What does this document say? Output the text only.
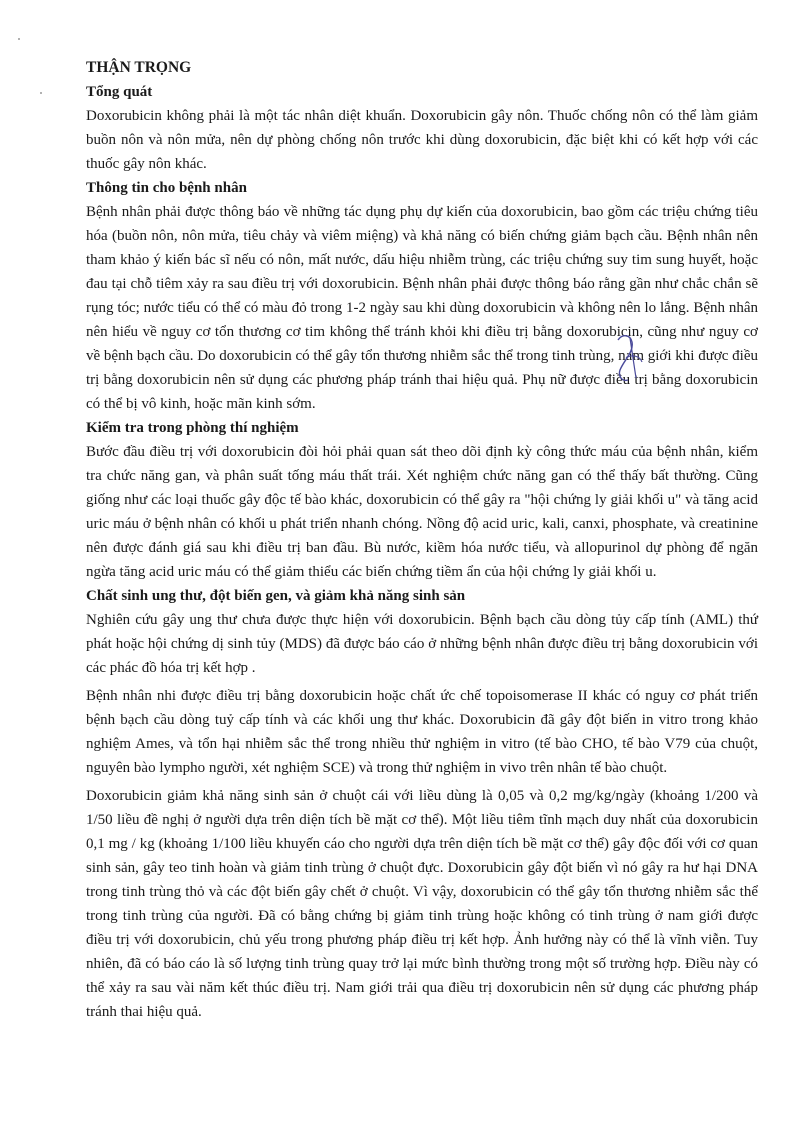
THẬN TRỌNG
Tổng quát

Doxorubicin không phải là một tác nhân diệt khuẩn. Doxorubicin gây nôn. Thuốc chống nôn có thể làm giảm buồn nôn và nôn mửa, nên dự phòng chống nôn trước khi dùng doxorubicin, đặc biệt khi có kết hợp với các thuốc gây nôn khác.

Thông tin cho bệnh nhân

Bệnh nhân phải được thông báo về những tác dụng phụ dự kiến của doxorubicin, bao gồm các triệu chứng tiêu hóa (buồn nôn, nôn mửa, tiêu chảy và viêm miệng) và khả năng có biến chứng giảm bạch cầu. Bệnh nhân nên tham khảo ý kiến bác sĩ nếu có nôn, mất nước, dấu hiệu nhiễm trùng, các triệu chứng suy tim sung huyết, hoặc đau tại chỗ tiêm xảy ra sau điều trị với doxorubicin. Bệnh nhân phải được thông báo rằng gần như chắc chắn sẽ rụng tóc; nước tiểu có thể có màu đỏ trong 1-2 ngày sau khi dùng doxorubicin và không nên lo lắng. Bệnh nhân nên hiểu về nguy cơ tổn thương cơ tim không thể tránh khỏi khi điều trị bằng doxorubicin, cũng như nguy cơ về bệnh bạch cầu. Do doxorubicin có thể gây tổn thương nhiễm sắc thể trong tinh trùng, nam giới khi được điều trị bằng doxorubicin nên sử dụng các phương pháp tránh thai hiệu quả. Phụ nữ được điều trị bằng doxorubicin có thể bị vô kinh, hoặc mãn kinh sớm.

Kiểm tra trong phòng thí nghiệm

Bước đầu điều trị với doxorubicin đòi hỏi phải quan sát theo dõi định kỳ công thức máu của bệnh nhân, kiểm tra chức năng gan, và phân suất tống máu thất trái. Xét nghiệm chức năng gan có thể thấy bất thường. Cũng giống như các loại thuốc gây độc tế bào khác, doxorubicin có thể gây ra "hội chứng ly giải khối u" và tăng acid uric máu ở bệnh nhân có khối u phát triển nhanh chóng. Nồng độ acid uric, kali, canxi, phosphate, và creatinine nên được đánh giá sau khi điều trị ban đầu. Bù nước, kiềm hóa nước tiểu, và allopurinol dự phòng để ngăn ngừa tăng acid uric máu có thể giảm thiểu các biến chứng tiềm ẩn của hội chứng ly giải khối u.

Chất sinh ung thư, đột biến gen, và giảm khả năng sinh sản

Nghiên cứu gây ung thư chưa được thực hiện với doxorubicin. Bệnh bạch cầu dòng tủy cấp tính (AML) thứ phát hoặc hội chứng dị sinh tủy (MDS) đã được báo cáo ở những bệnh nhân được điều trị bằng doxorubicin với các phác đồ hóa trị kết hợp .

Bệnh nhân nhi được điều trị bằng doxorubicin hoặc chất ức chế topoisomerase II khác có nguy cơ phát triển bệnh bạch cầu dòng tuỷ cấp tính và các khối ung thư khác. Doxorubicin đã gây đột biến in vitro trong khảo nghiệm Ames, và tổn hại nhiễm sắc thể trong nhiều thử nghiệm in vitro (tế bào CHO, tế bào V79 của chuột, nguyên bào lympho người, xét nghiệm SCE) và trong thử nghiệm in vivo trên nhân tế bào chuột.

Doxorubicin giảm khả năng sinh sản ở chuột cái với liều dùng là 0,05 và 0,2 mg/kg/ngày (khoảng 1/200 và 1/50 liều đề nghị ở người dựa trên diện tích bề mặt cơ thể). Một liều tiêm tĩnh mạch duy nhất của doxorubicin 0,1 mg / kg (khoảng 1/100 liều khuyến cáo cho người dựa trên diện tích bề mặt cơ thể) gây độc đối với cơ quan sinh sản, gây teo tinh hoàn và giảm tinh trùng ở chuột đực. Doxorubicin gây đột biến vì nó gây ra hư hại DNA trong tinh trùng thỏ và các đột biến gây chết ở chuột. Vì vậy, doxorubicin có thể gây tổn thương nhiễm sắc thể trong tinh trùng của người. Đã có bằng chứng bị giảm tinh trùng hoặc không có tinh trùng ở nam giới được điều trị với doxorubicin, chủ yếu trong phương pháp điều trị kết hợp. Ảnh hưởng này có thể là vĩnh viễn. Tuy nhiên, đã có báo cáo là số lượng tinh trùng quay trở lại mức bình thường trong một số trường hợp. Điều này có thể xảy ra sau vài năm kết thúc điều trị. Nam giới trải qua điều trị doxorubicin nên sử dụng các phương pháp tránh thai hiệu quả.
